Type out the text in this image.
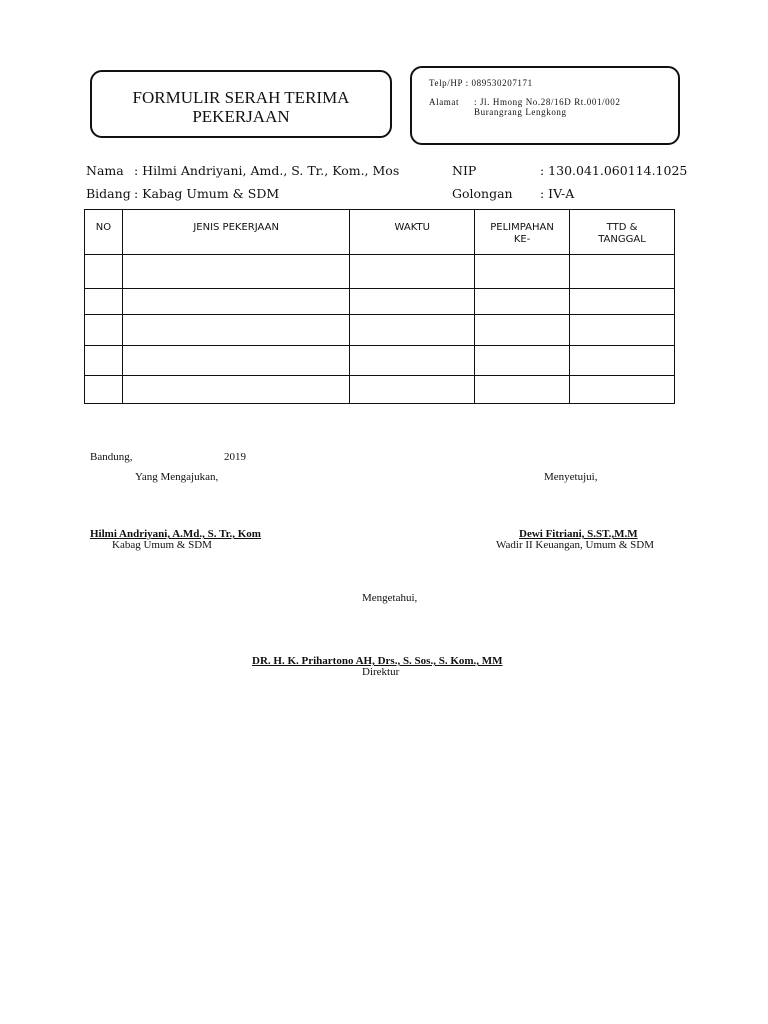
FORMULIR SERAH TERIMA
PEKERJAAN
Telp/HP : 089530207171
Alamat : Jl. Hmong No.28/16D Rt.001/002
Burangrang Lengkong
Nama : Hilmi Andriyani, Amd., S. Tr., Kom., Mos	NIP	: 130.041.060114.1025
Bidang : Kabag Umum & SDM	Golongan : IV-A
NO	JENIS PEKERJAAN	WAKTU	PELIMPAHAN KE-	TTD & TANGGAL

Bandung,	2019
Yang Mengajukan,	Menyetujui,
Hilmi Andriyani, A.Md., S. Tr., Kom
Kabag Umum & SDM
Dewi Fitriani, S.ST.,M.M
Wadir II Keuangan, Umum & SDM
Mengetahui,
DR. H. K. Prihartono AH, Drs., S. Sos., S. Kom., MM
Direktur
